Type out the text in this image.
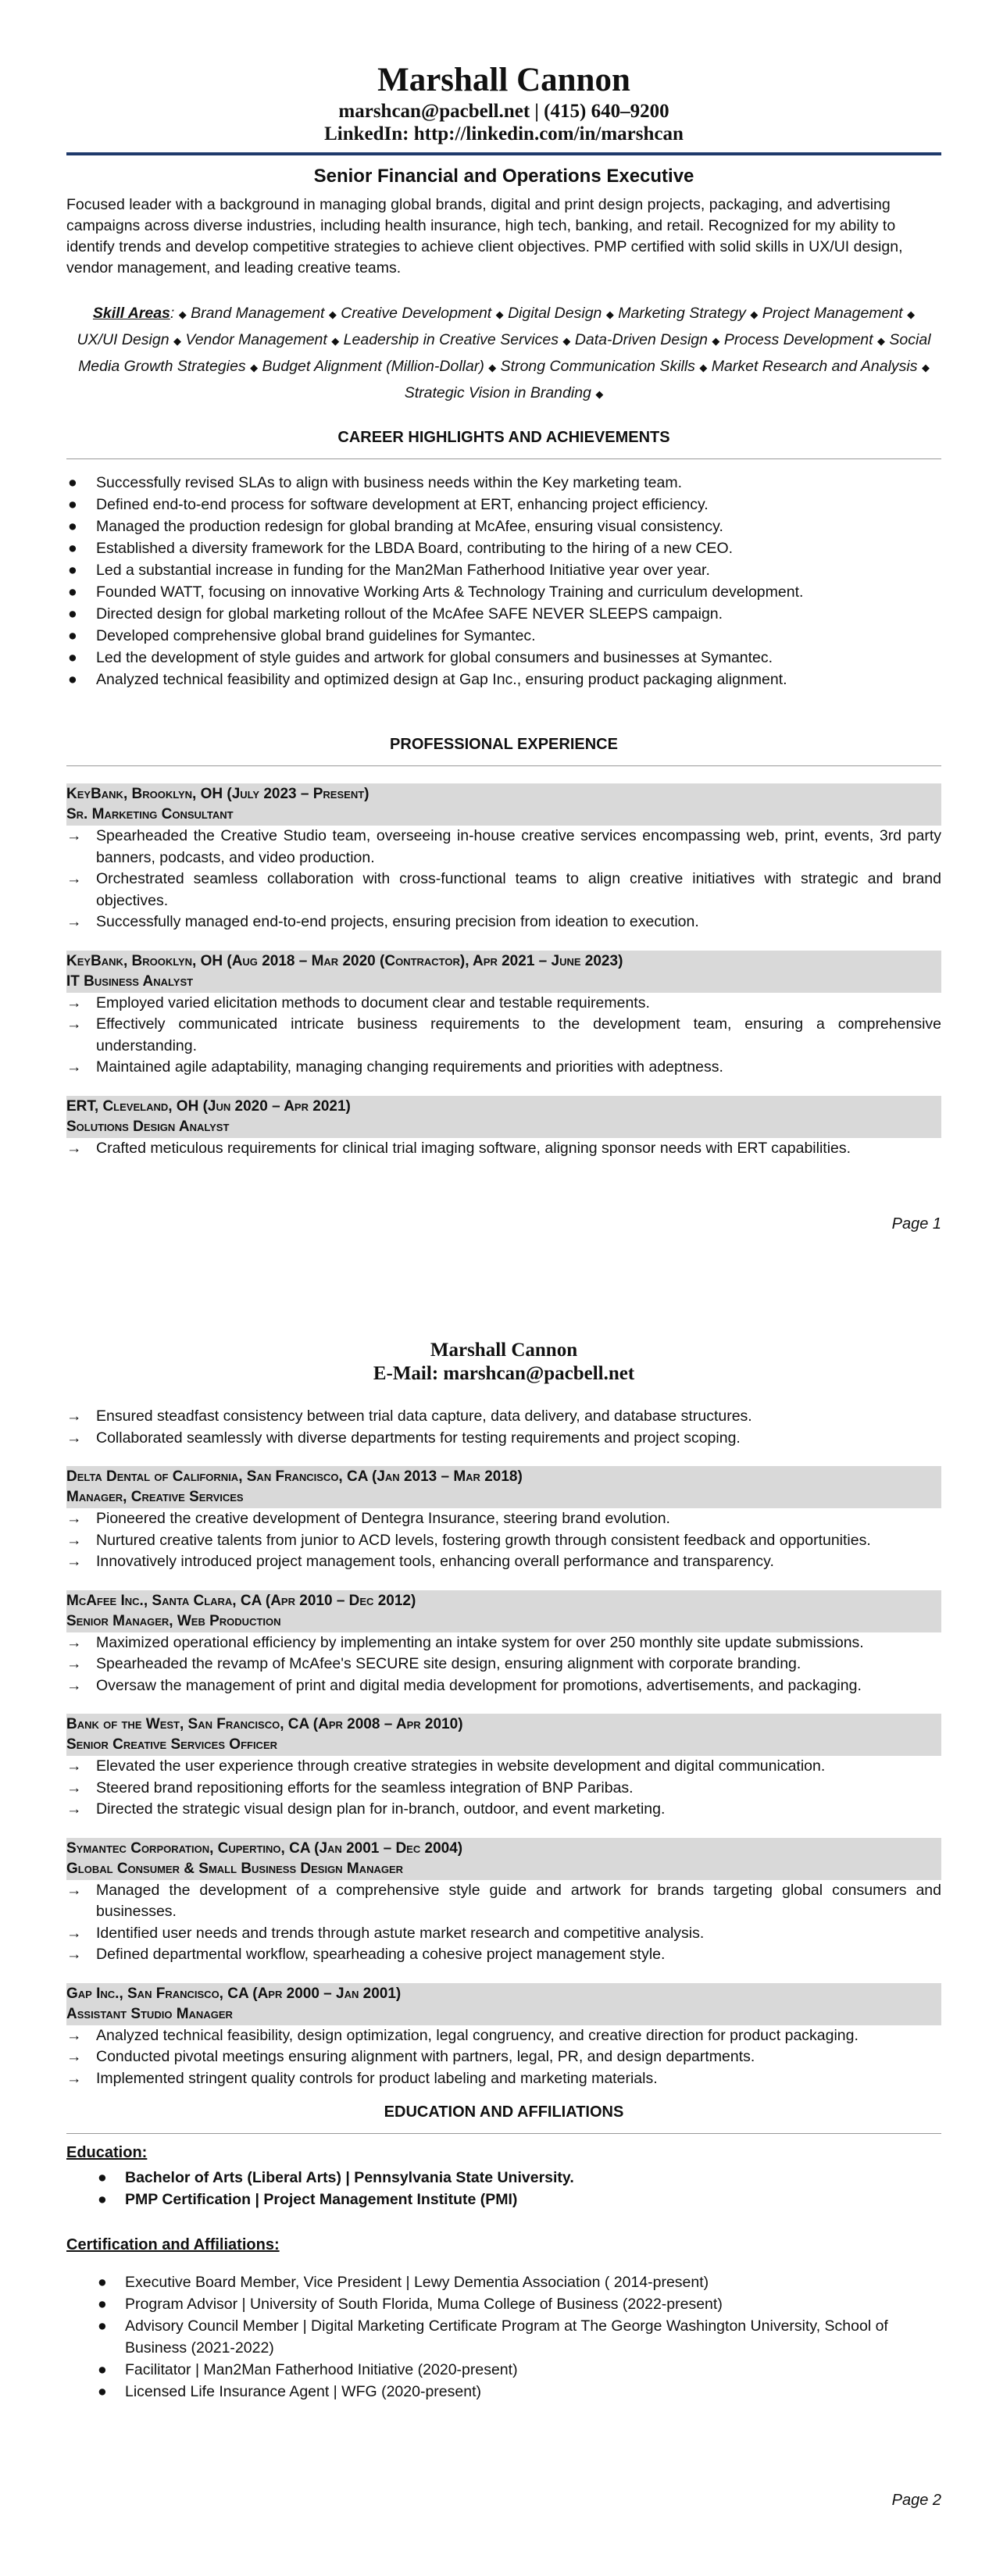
Marshall Cannon
marshcan@pacbell.net | (415) 640–9200
LinkedIn: http://linkedin.com/in/marshcan
Senior Financial and Operations Executive

Focused leader with a background in managing global brands, digital and print design projects, packaging, and advertising campaigns across diverse industries, including health insurance, high tech, banking, and retail. Recognized for my ability to identify trends and develop competitive strategies to achieve client objectives. PMP certified with solid skills in UX/UI design, vendor management, and leading creative teams.

Skill Areas: ◆ Brand Management ◆ Creative Development ◆ Digital Design ◆ Marketing Strategy ◆ Project Management ◆ UX/UI Design ◆ Vendor Management ◆ Leadership in Creative Services ◆ Data-Driven Design ◆ Process Development ◆ Social Media Growth Strategies ◆ Budget Alignment (Million-Dollar) ◆ Strong Communication Skills ◆ Market Research and Analysis ◆ Strategic Vision in Branding ◆
CAREER HIGHLIGHTS AND ACHIEVEMENTS
● Successfully revised SLAs to align with business needs within the Key marketing team.
● Defined end-to-end process for software development at ERT, enhancing project efficiency.
● Managed the production redesign for global branding at McAfee, ensuring visual consistency.
● Established a diversity framework for the LBDA Board, contributing to the hiring of a new CEO.
● Led a substantial increase in funding for the Man2Man Fatherhood Initiative year over year.
● Founded WATT, focusing on innovative Working Arts & Technology Training and curriculum development.
● Directed design for global marketing rollout of the McAfee SAFE NEVER SLEEPS campaign.
● Developed comprehensive global brand guidelines for Symantec.
● Led the development of style guides and artwork for global consumers and businesses at Symantec.
● Analyzed technical feasibility and optimized design at Gap Inc., ensuring product packaging alignment.
PROFESSIONAL EXPERIENCE
KeyBank, Brooklyn, OH (July 2023 – Present)
Sr. Marketing Consultant
→ Spearheaded the Creative Studio team, overseeing in-house creative services encompassing web, print, events, 3rd party banners, podcasts, and video production.
→ Orchestrated seamless collaboration with cross-functional teams to align creative initiatives with strategic and brand objectives.
→ Successfully managed end-to-end projects, ensuring precision from ideation to execution.
KeyBank, Brooklyn, OH (Aug 2018 – Mar 2020 (Contractor), Apr 2021 – June 2023)
IT Business Analyst
→ Employed varied elicitation methods to document clear and testable requirements.
→ Effectively communicated intricate business requirements to the development team, ensuring a comprehensive understanding.
→ Maintained agile adaptability, managing changing requirements and priorities with adeptness.
ERT, Cleveland, OH (Jun 2020 – Apr 2021)
Solutions Design Analyst
→ Crafted meticulous requirements for clinical trial imaging software, aligning sponsor needs with ERT capabilities.
Page 1
Marshall Cannon
E-Mail: marshcan@pacbell.net
→ Ensured steadfast consistency between trial data capture, data delivery, and database structures.
→ Collaborated seamlessly with diverse departments for testing requirements and project scoping.
Delta Dental of California, San Francisco, CA (Jan 2013 – Mar 2018)
Manager, Creative Services
→ Pioneered the creative development of Dentegra Insurance, steering brand evolution.
→ Nurtured creative talents from junior to ACD levels, fostering growth through consistent feedback and opportunities.
→ Innovatively introduced project management tools, enhancing overall performance and transparency.
McAfee Inc., Santa Clara, CA (Apr 2010 – Dec 2012)
Senior Manager, Web Production
→ Maximized operational efficiency by implementing an intake system for over 250 monthly site update submissions.
→ Spearheaded the revamp of McAfee's SECURE site design, ensuring alignment with corporate branding.
→ Oversaw the management of print and digital media development for promotions, advertisements, and packaging.
Bank of the West, San Francisco, CA (Apr 2008 – Apr 2010)
Senior Creative Services Officer
→ Elevated the user experience through creative strategies in website development and digital communication.
→ Steered brand repositioning efforts for the seamless integration of BNP Paribas.
→ Directed the strategic visual design plan for in-branch, outdoor, and event marketing.
Symantec Corporation, Cupertino, CA (Jan 2001 – Dec 2004)
Global Consumer & Small Business Design Manager
→ Managed the development of a comprehensive style guide and artwork for brands targeting global consumers and businesses.
→ Identified user needs and trends through astute market research and competitive analysis.
→ Defined departmental workflow, spearheading a cohesive project management style.
Gap Inc., San Francisco, CA (Apr 2000 – Jan 2001)
Assistant Studio Manager
→ Analyzed technical feasibility, design optimization, legal congruency, and creative direction for product packaging.
→ Conducted pivotal meetings ensuring alignment with partners, legal, PR, and design departments.
→ Implemented stringent quality controls for product labeling and marketing materials.
EDUCATION AND AFFILIATIONS
Education:
● Bachelor of Arts (Liberal Arts) | Pennsylvania State University.
● PMP Certification | Project Management Institute (PMI)
Certification and Affiliations:
● Executive Board Member, Vice President | Lewy Dementia Association ( 2014-present)
● Program Advisor | University of South Florida, Muma College of Business (2022-present)
● Advisory Council Member | Digital Marketing Certificate Program at The George Washington University, School of Business (2021-2022)
● Facilitator | Man2Man Fatherhood Initiative (2020-present)
● Licensed Life Insurance Agent | WFG (2020-present)
Page 2
